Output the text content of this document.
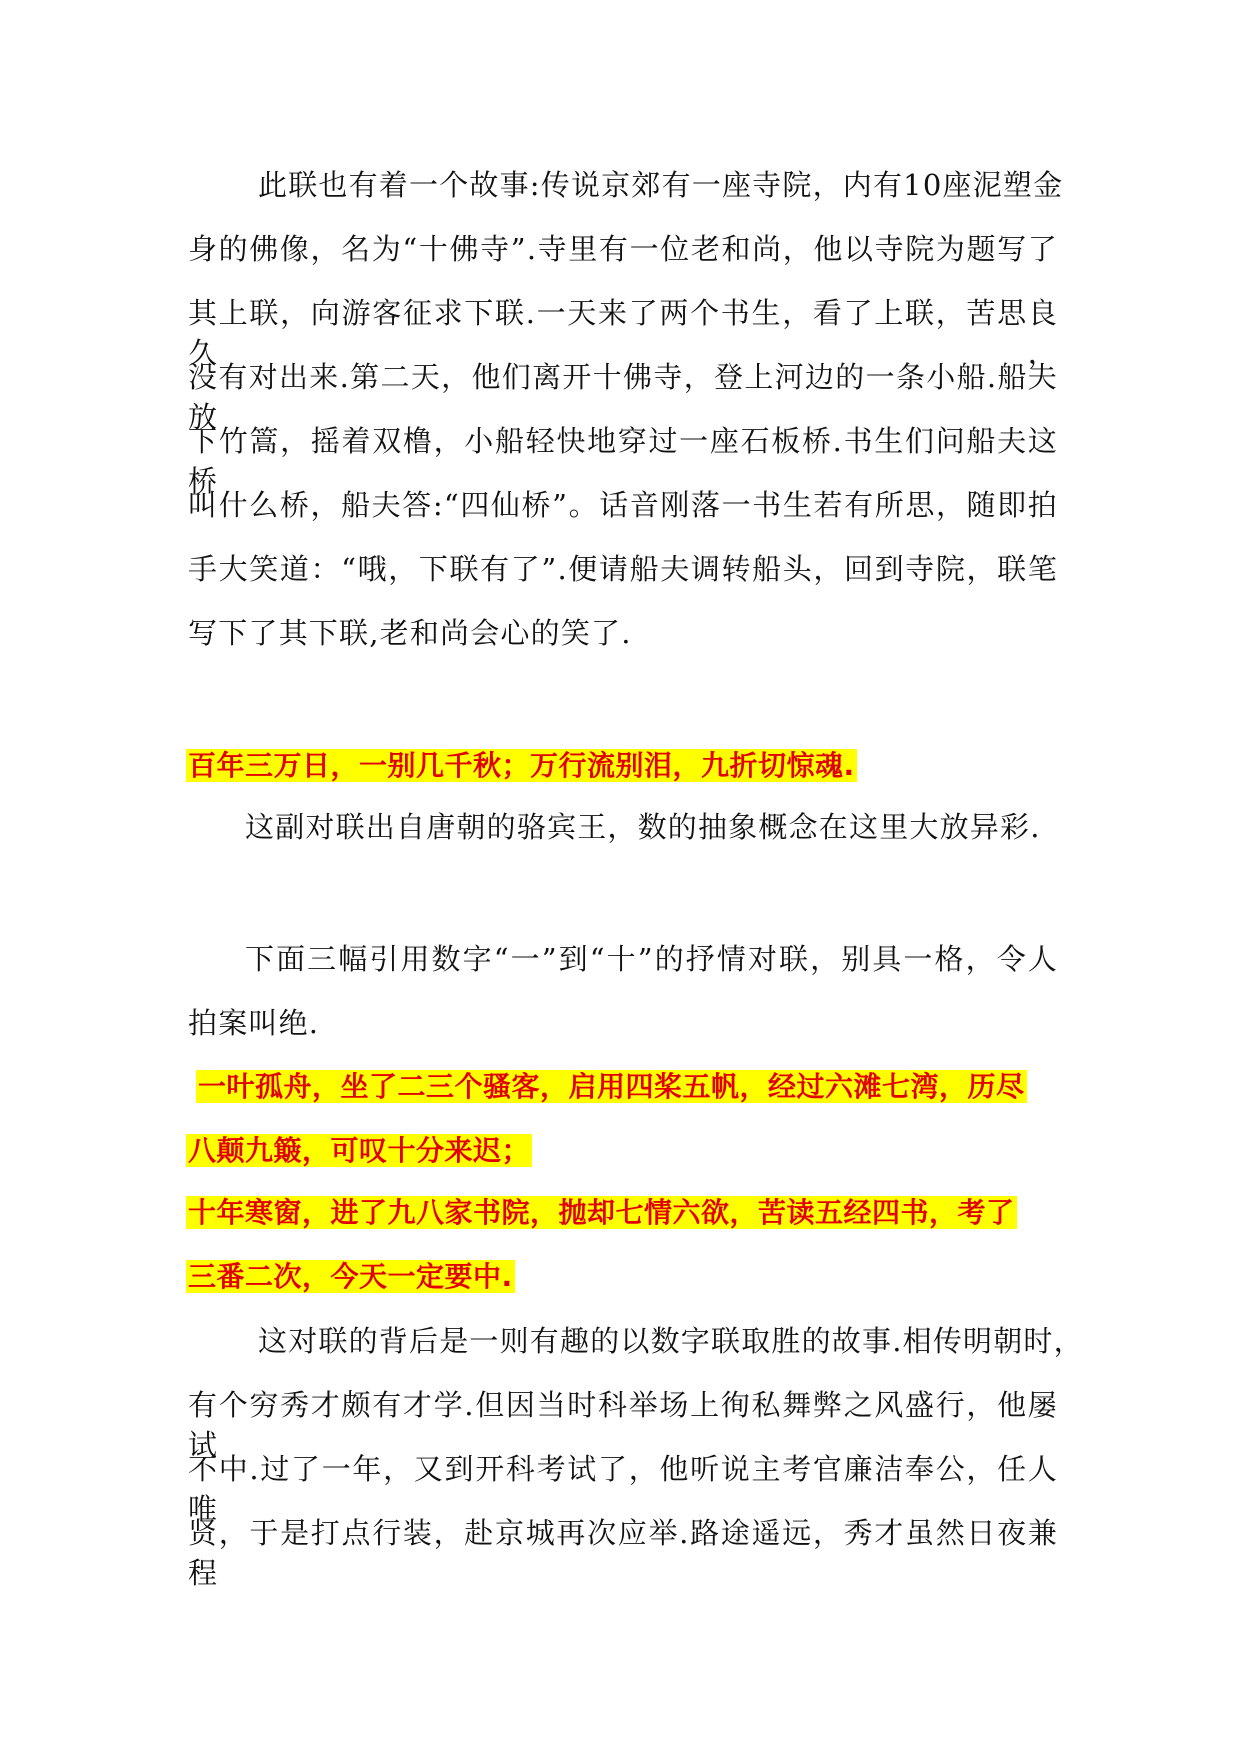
此联也有着一个故事:传说京郊有一座寺院，内有10座泥塑金
身的佛像，名为“十佛寺”.寺里有一位老和尚，他以寺院为题写了
其上联，向游客征求下联.一天来了两个书生，看了上联，苦思良久，
没有对出来.第二天，他们离开十佛寺，登上河边的一条小船.船夫放
下竹篙，摇着双橹，小船轻快地穿过一座石板桥.书生们问船夫这桥
叫什么桥，船夫答:“四仙桥”。话音刚落一书生若有所思，随即拍
手大笑道：“哦，下联有了”.便请船夫调转船头，回到寺院，联笔
写下了其下联,老和尚会心的笑了.
百年三万日，一别几千秋；万行流别泪，九折切惊魂.
这副对联出自唐朝的骆宾王，数的抽象概念在这里大放异彩.
下面三幅引用数字“一”到“十”的抒情对联，别具一格，令人
拍案叫绝.
一叶孤舟，坐了二三个骚客，启用四桨五帆，经过六滩七湾，历尽
八颠九簸，可叹十分来迟；
十年寒窗，进了九八家书院，抛却七情六欲，苦读五经四书，考了
三番二次，今天一定要中.
这对联的背后是一则有趣的以数字联取胜的故事.相传明朝时，
有个穷秀才颇有才学.但因当时科举场上徇私舞弊之风盛行，他屡试
不中.过了一年，又到开科考试了，他听说主考官廉洁奉公，任人唯
贤，于是打点行装，赴京城再次应举.路途遥远，秀才虽然日夜兼程
